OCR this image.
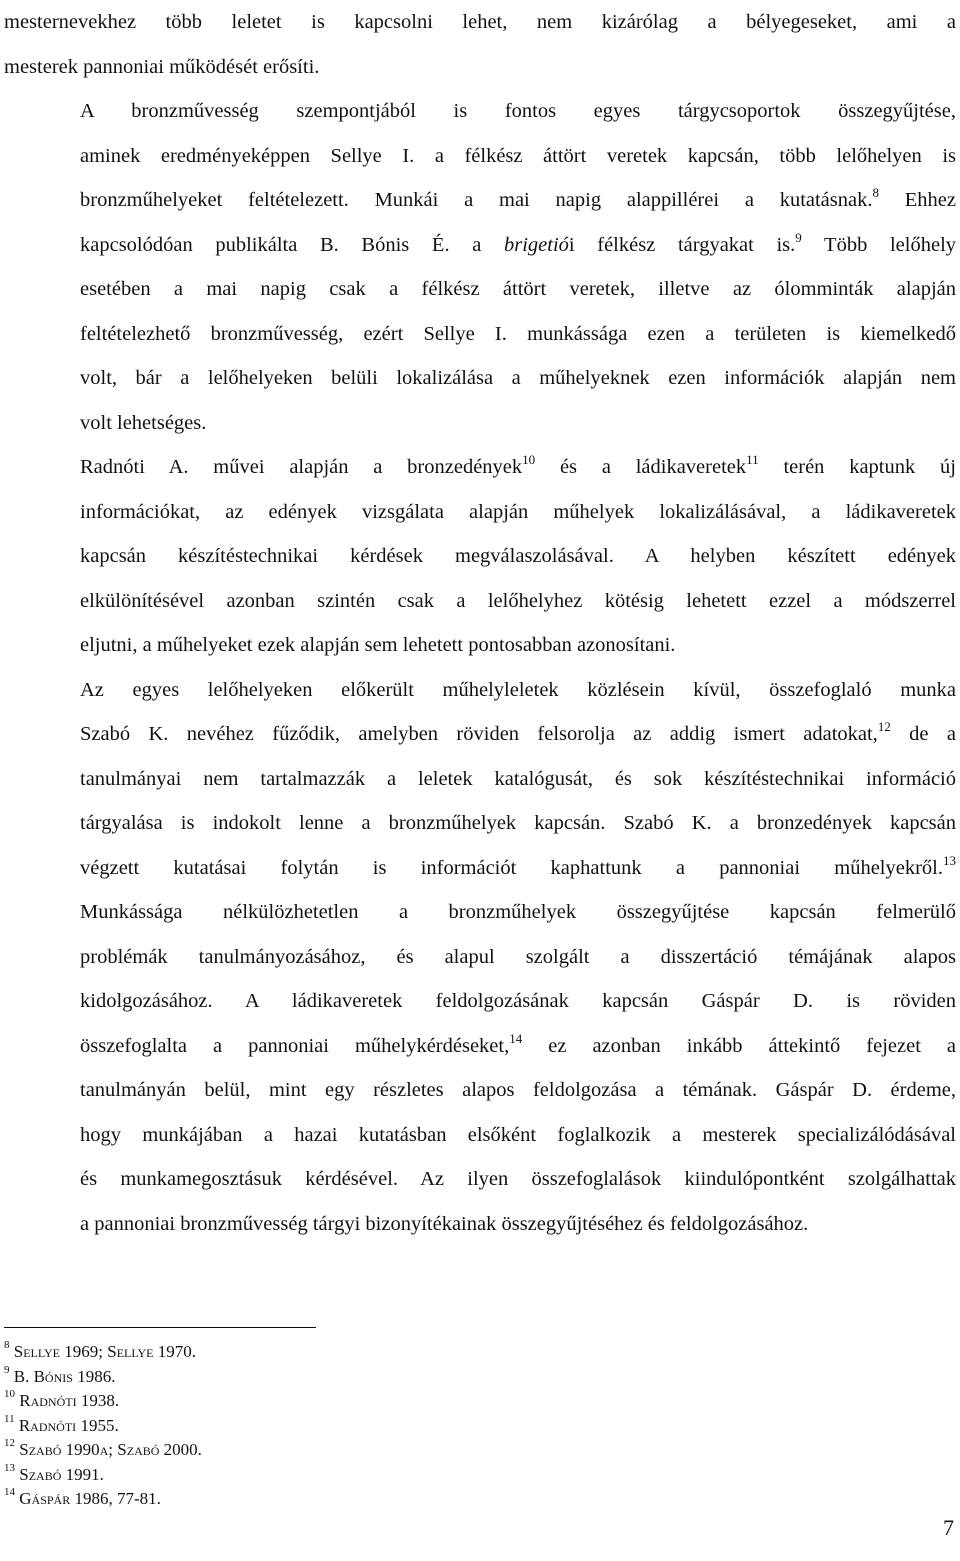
mesternevekhez több leletet is kapcsolni lehet, nem kizárólag a bélyegeseket, ami a
mesterek pannoniai működését erősíti.

A bronzművesség szempontjából is fontos egyes tárgycsoportok összegyűjtése,
aminek eredményeképpen Sellye I. a félkész áttört veretek kapcsán, több lelőhelyen is
bronzműhelyeket feltételezett. Munkái a mai napig alappillérei a kutatásnak.$^8$ Ehhez
kapcsolódóan publikálta B. Bónis É. a brigetiói félkész tárgyakat is.$^9$ Több lelőhely
esetében a mai napig csak a félkész áttört veretek, illetve az ólomminták alapján
feltételezhető bronzművesség, ezért Sellye I. munkássága ezen a területen is kiemelkedő
volt, bár a lelőhelyeken belüli lokalizálása a műhelyeknek ezen információk alapján nem
volt lehetséges.

Radnóti A. művei alapján a bronzedények$^{10}$ és a ládikaveretek$^{11}$ terén kaptunk új
információkat, az edények vizsgálata alapján műhelyek lokalizálásával, a ládikaveretek
kapcsán készítéstechnikai kérdések megválaszolásával. A helyben készített edények
elkülönítésével azonban szintén csak a lelőhelyhez kötésig lehetett ezzel a módszerrel
eljutni, a műhelyeket ezek alapján sem lehetett pontosabban azonosítani.

Az egyes lelőhelyeken előkerült műhelyleletek közlésein kívül, összefoglaló munka
Szabó K. nevéhez fűződik, amelyben röviden felsorolja az addig ismert adatokat,$^{12}$ de a
tanulmányai nem tartalmazzák a leletek katalógusát, és sok készítéstechnikai információ
tárgyalása is indokolt lenne a bronzműhelyek kapcsán. Szabó K. a bronzedények kapcsán
végzett kutatásai folytán is információt kaphattunk a pannoniai műhelyekről.$^{13}$
Munkássága nélkülözhetetlen a bronzműhelyek összegyűjtése kapcsán felmerülő
problémák tanulmányozásához, és alapul szolgált a disszertáció témájának alapos
kidolgozásához. A ládikaveretek feldolgozásának kapcsán Gáspár D. is röviden
összefoglalta a pannoniai műhelykérdéseket,$^{14}$ ez azonban inkább áttekintő fejezet a
tanulmányán belül, mint egy részletes alapos feldolgozása a témának. Gáspár D. érdeme,
hogy munkájában a hazai kutatásban elsőként foglalkozik a mesterek specializálódásával
és munkamegosztásuk kérdésével. Az ilyen összefoglalások kiindulópontként szolgálhattak
a pannoniai bronzművesség tárgyi bizonyítékainak összegyűjtéséhez és feldolgozásához.

$^8$ Sellye 1969; Sellye 1970.
$^9$ B. Bónis 1986.
$^{10}$ Radnóti 1938.
$^{11}$ Radnóti 1955.
$^{12}$ Szabó 1990a; Szabó 2000.
$^{13}$ Szabó 1991.
$^{14}$ Gáspár 1986, 77-81.
7
